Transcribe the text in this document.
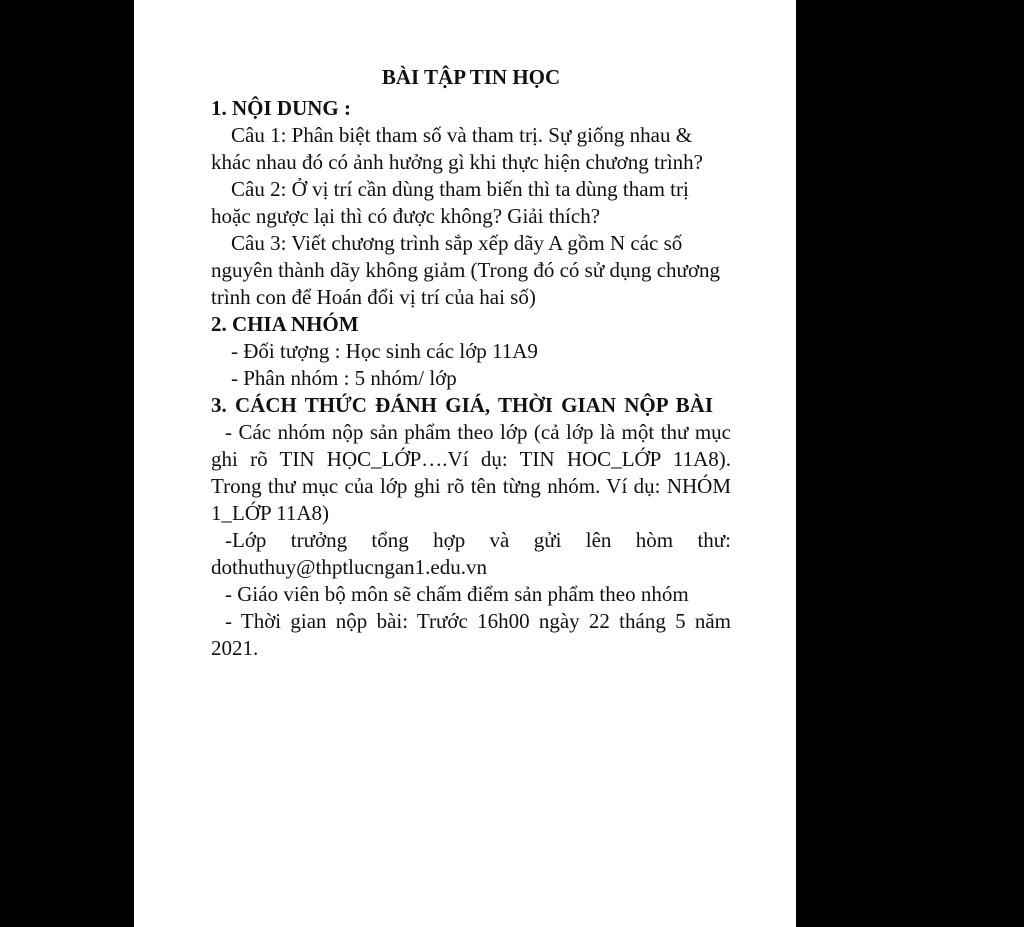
BÀI TẬP TIN HỌC

1. NỘI DUNG :

Câu 1: Phân biệt tham số và tham trị. Sự giống nhau & khác nhau đó có ảnh hưởng gì khi thực hiện chương trình?

Câu 2: Ở vị trí cần dùng tham biến thì ta dùng tham trị hoặc ngược lại thì có được không? Giải thích?

Câu 3: Viết chương trình sắp xếp dãy A gồm N các số nguyên thành dãy không giảm (Trong đó có sử dụng chương trình con để Hoán đổi vị trí của hai số)

2. CHIA NHÓM

- Đối tượng : Học sinh các lớp 11A9

- Phân nhóm : 5 nhóm/ lớp

3. CÁCH THỨC ĐÁNH GIÁ, THỜI GIAN NỘP BÀI

- Các nhóm nộp sản phẩm theo lớp (cả lớp là một thư mục ghi rõ TIN HỌC_LỚP….Ví dụ: TIN HOC_LỚP 11A8). Trong thư mục của lớp ghi rõ tên từng nhóm. Ví dụ: NHÓM 1_LỚP 11A8)

-Lớp trưởng tổng hợp và gửi lên hòm thư: dothuthuy@thptlucngan1.edu.vn

- Giáo viên bộ môn sẽ chấm điểm sản phẩm theo nhóm

- Thời gian nộp bài: Trước 16h00 ngày 22 tháng 5 năm 2021.
